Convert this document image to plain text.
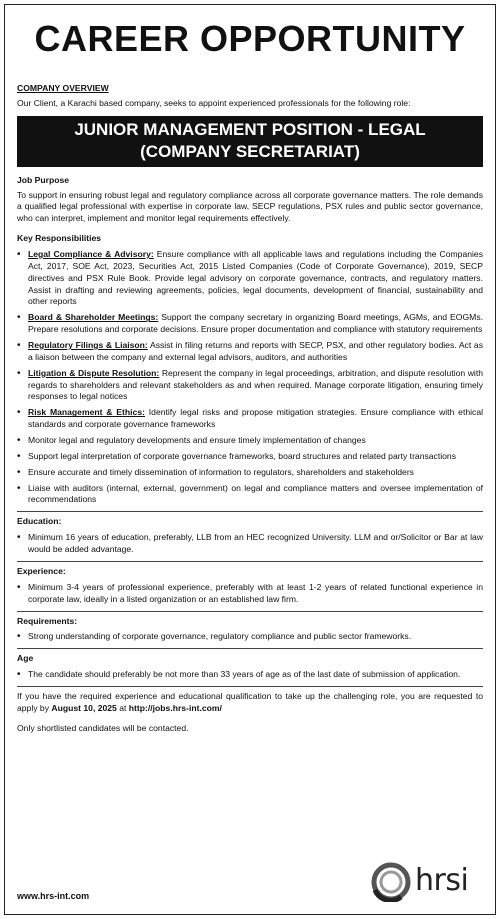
CAREER OPPORTUNITY
COMPANY OVERVIEW
Our Client, a Karachi based company, seeks to appoint experienced professionals for the following role:
JUNIOR MANAGEMENT POSITION - LEGAL
(COMPANY SECRETARIAT)
Job Purpose
To support in ensuring robust legal and regulatory compliance across all corporate governance matters. The role demands a qualified legal professional with expertise in corporate law, SECP regulations, PSX rules and public sector governance, who can interpret, implement and monitor legal requirements effectively.
Key Responsibilities
• Legal Compliance & Advisory: Ensure compliance with all applicable laws and regulations including the Companies Act, 2017, SOE Act, 2023, Securities Act, 2015 Listed Companies (Code of Corporate Governance), 2019, SECP directives and PSX Rule Book. Provide legal advisory on corporate governance, contracts, and regulatory matters. Assist in drafting and reviewing agreements, policies, legal documents, development of financial, sustainability and other reports
• Board & Shareholder Meetings: Support the company secretary in organizing Board meetings, AGMs, and EOGMs. Prepare resolutions and corporate decisions. Ensure proper documentation and compliance with statutory requirements
• Regulatory Filings & Liaison: Assist in filing returns and reports with SECP, PSX, and other regulatory bodies. Act as a liaison between the company and external legal advisors, auditors, and authorities
• Litigation & Dispute Resolution: Represent the company in legal proceedings, arbitration, and dispute resolution with regards to shareholders and relevant stakeholders as and when required. Manage corporate litigation, ensuring timely responses to legal notices
• Risk Management & Ethics: Identify legal risks and propose mitigation strategies. Ensure compliance with ethical standards and corporate governance frameworks
• Monitor legal and regulatory developments and ensure timely implementation of changes
• Support legal interpretation of corporate governance frameworks, board structures and related party transactions
• Ensure accurate and timely dissemination of information to regulators, shareholders and stakeholders
• Liaise with auditors (internal, external, government) on legal and compliance matters and oversee implementation of recommendations
Education:
• Minimum 16 years of education, preferably, LLB from an HEC recognized University. LLM and or/Solicitor or Bar at law would be added advantage.
Experience:
• Minimum 3-4 years of professional experience, preferably with at least 1-2 years of related functional experience in corporate law, ideally in a listed organization or an established law firm.
Requirements:
• Strong understanding of corporate governance, regulatory compliance and public sector frameworks.
Age
• The candidate should preferably be not more than 33 years of age as of the last date of submission of application.
If you have the required experience and educational qualification to take up the challenging role, you are requested to apply by August 10, 2025 at http://jobs.hrs-int.com/
Only shortlisted candidates will be contacted.
www.hrs-int.com	hrsi
